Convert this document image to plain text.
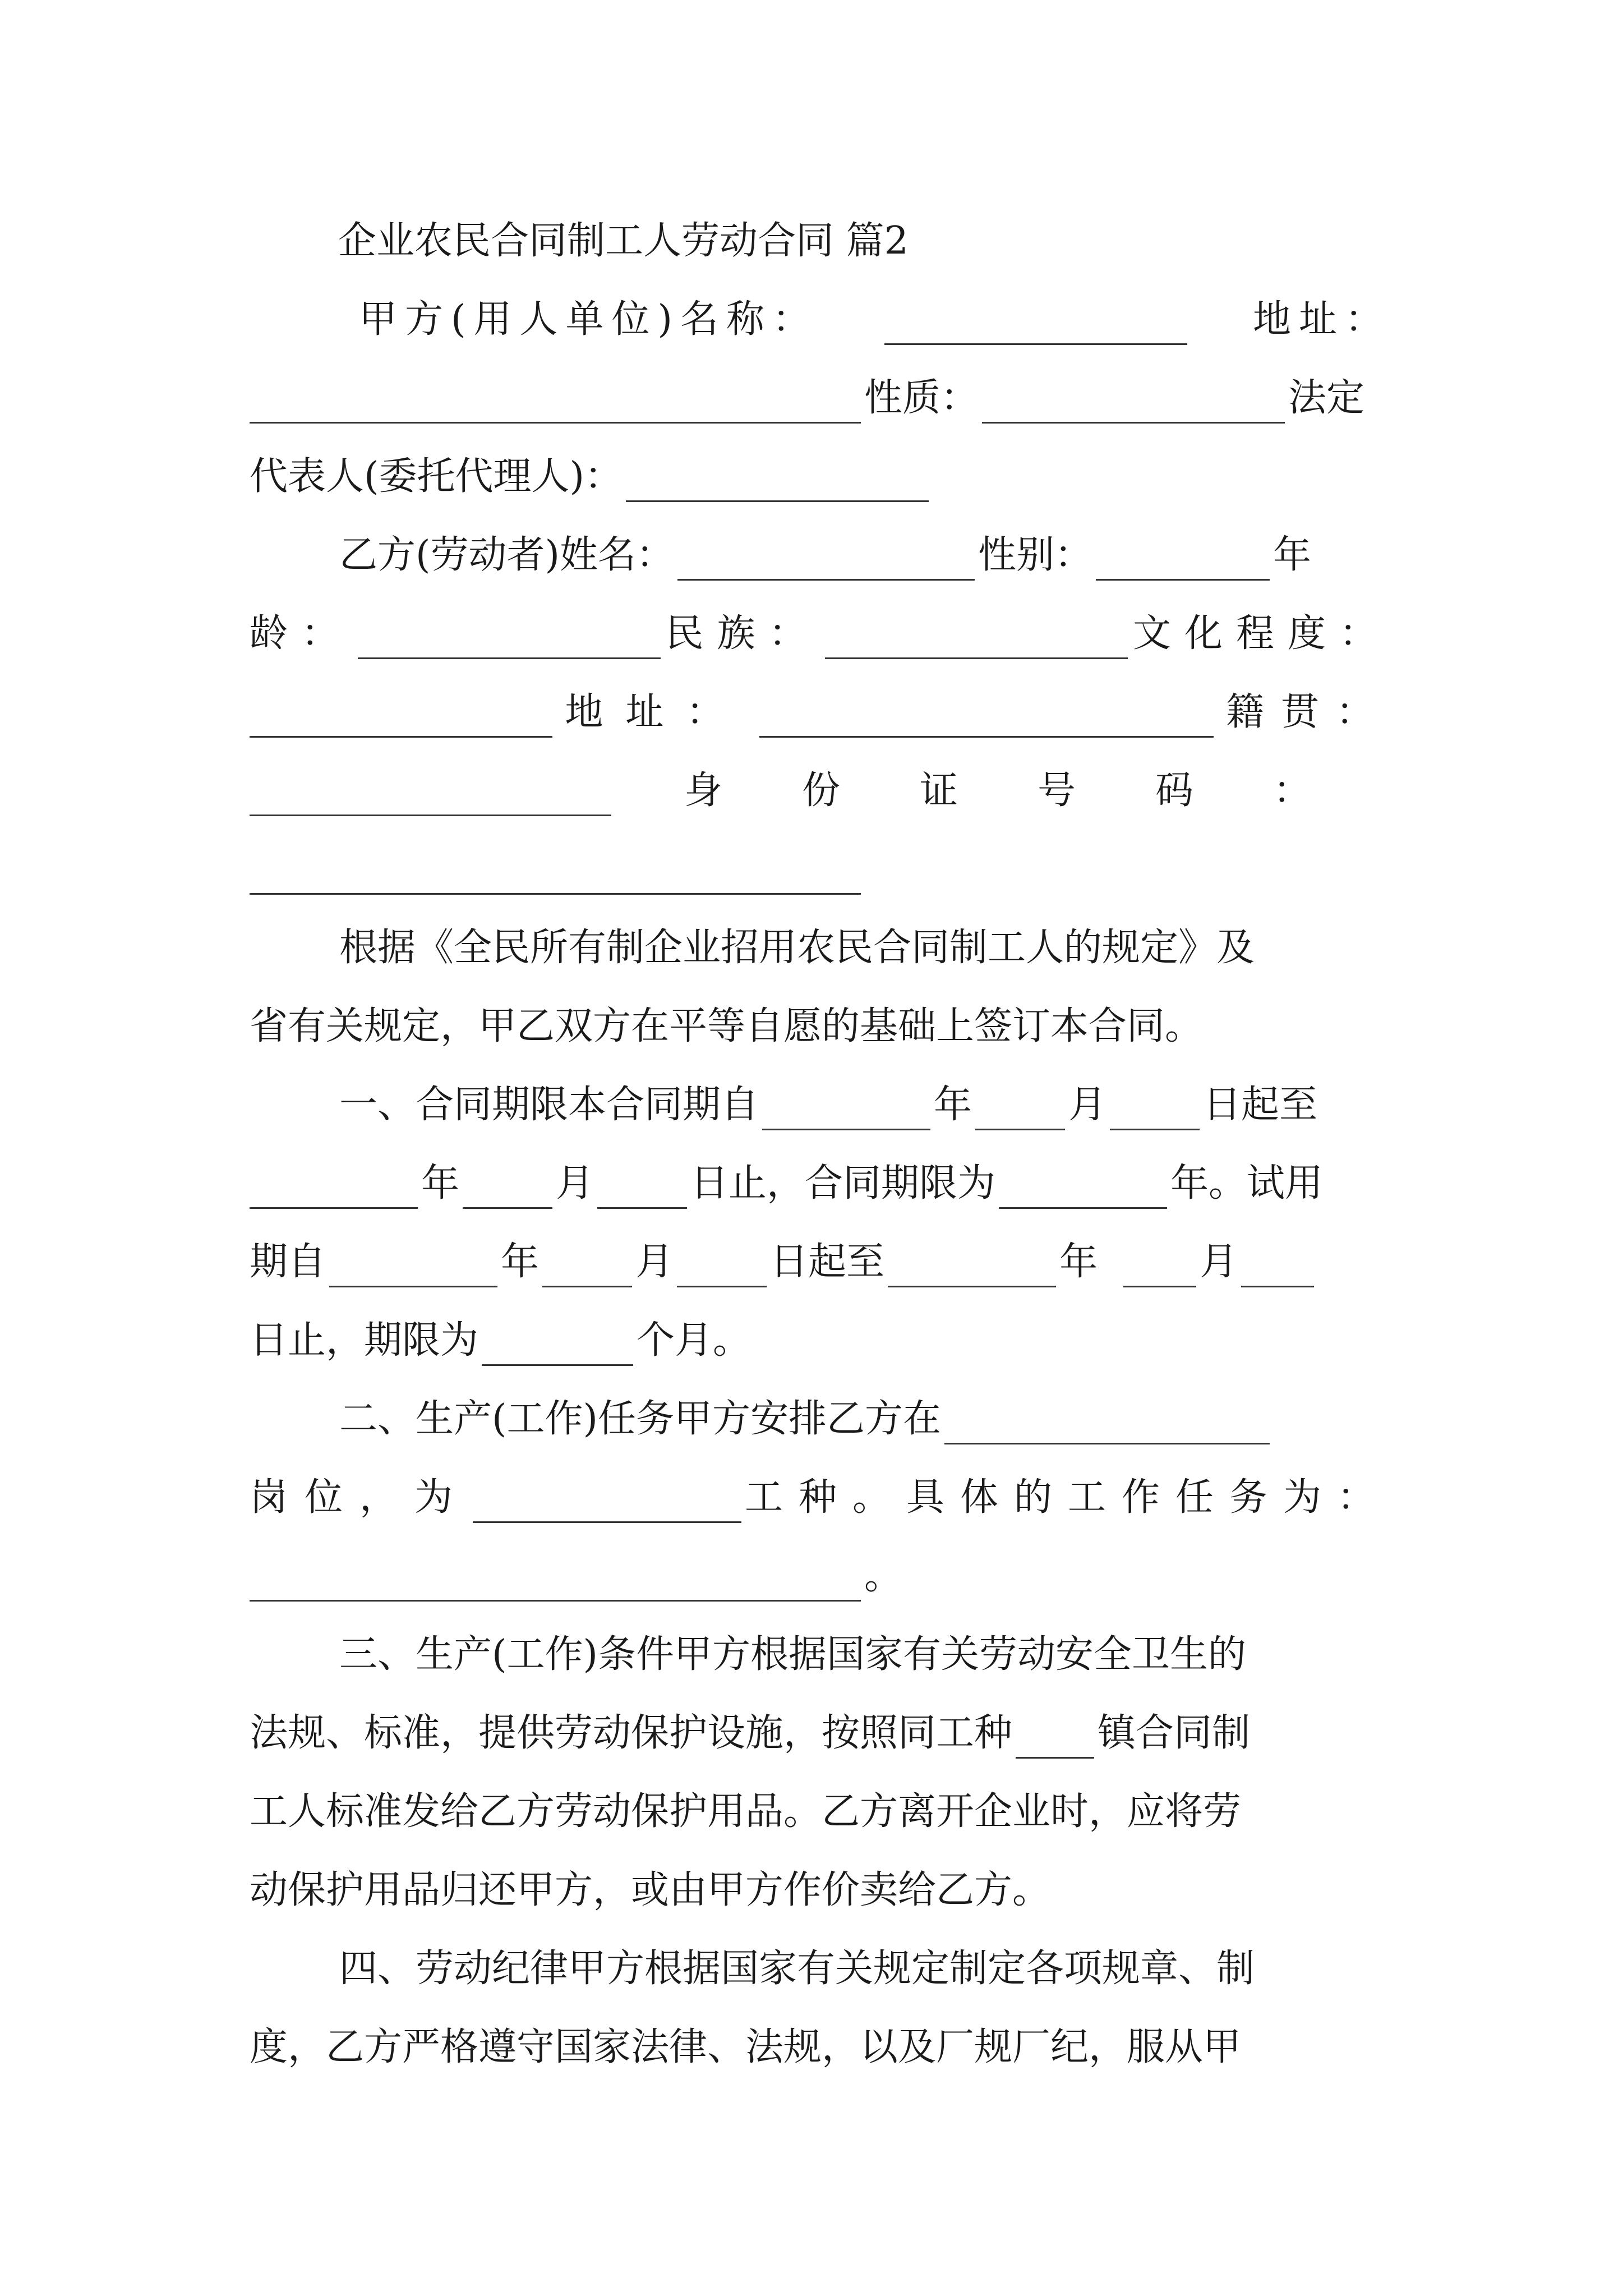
企业农民合同制工人劳动合同 篇2
甲方(用人单位)名称：	地址：
性质：	法定
代表人(委托代理人)：
乙方(劳动者)姓名：	性别：	年
龄：	民族：	文化程度：
地址：	籍贯：
身份证号码：
根据《全民所有制企业招用农民合同制工人的规定》及
省有关规定，甲乙双方在平等自愿的基础上签订本合同。
一、合同期限本合同期自	年	月	日起至
年	月	日止，合同期限为	年。试用
期自	年	月	日起至	年	月
日止，期限为	个月。
二、生产(工作)任务甲方安排乙方在
岗位，为	工种。具体的工作任务为：
。
三、生产(工作)条件甲方根据国家有关劳动安全卫生的
法规、标准，提供劳动保护设施，按照同工种 镇合同制
工人标准发给乙方劳动保护用品。乙方离开企业时，应将劳
动保护用品归还甲方，或由甲方作价卖给乙方。
四、劳动纪律甲方根据国家有关规定制定各项规章、制
度，乙方严格遵守国家法律、法规，以及厂规厂纪，服从甲
